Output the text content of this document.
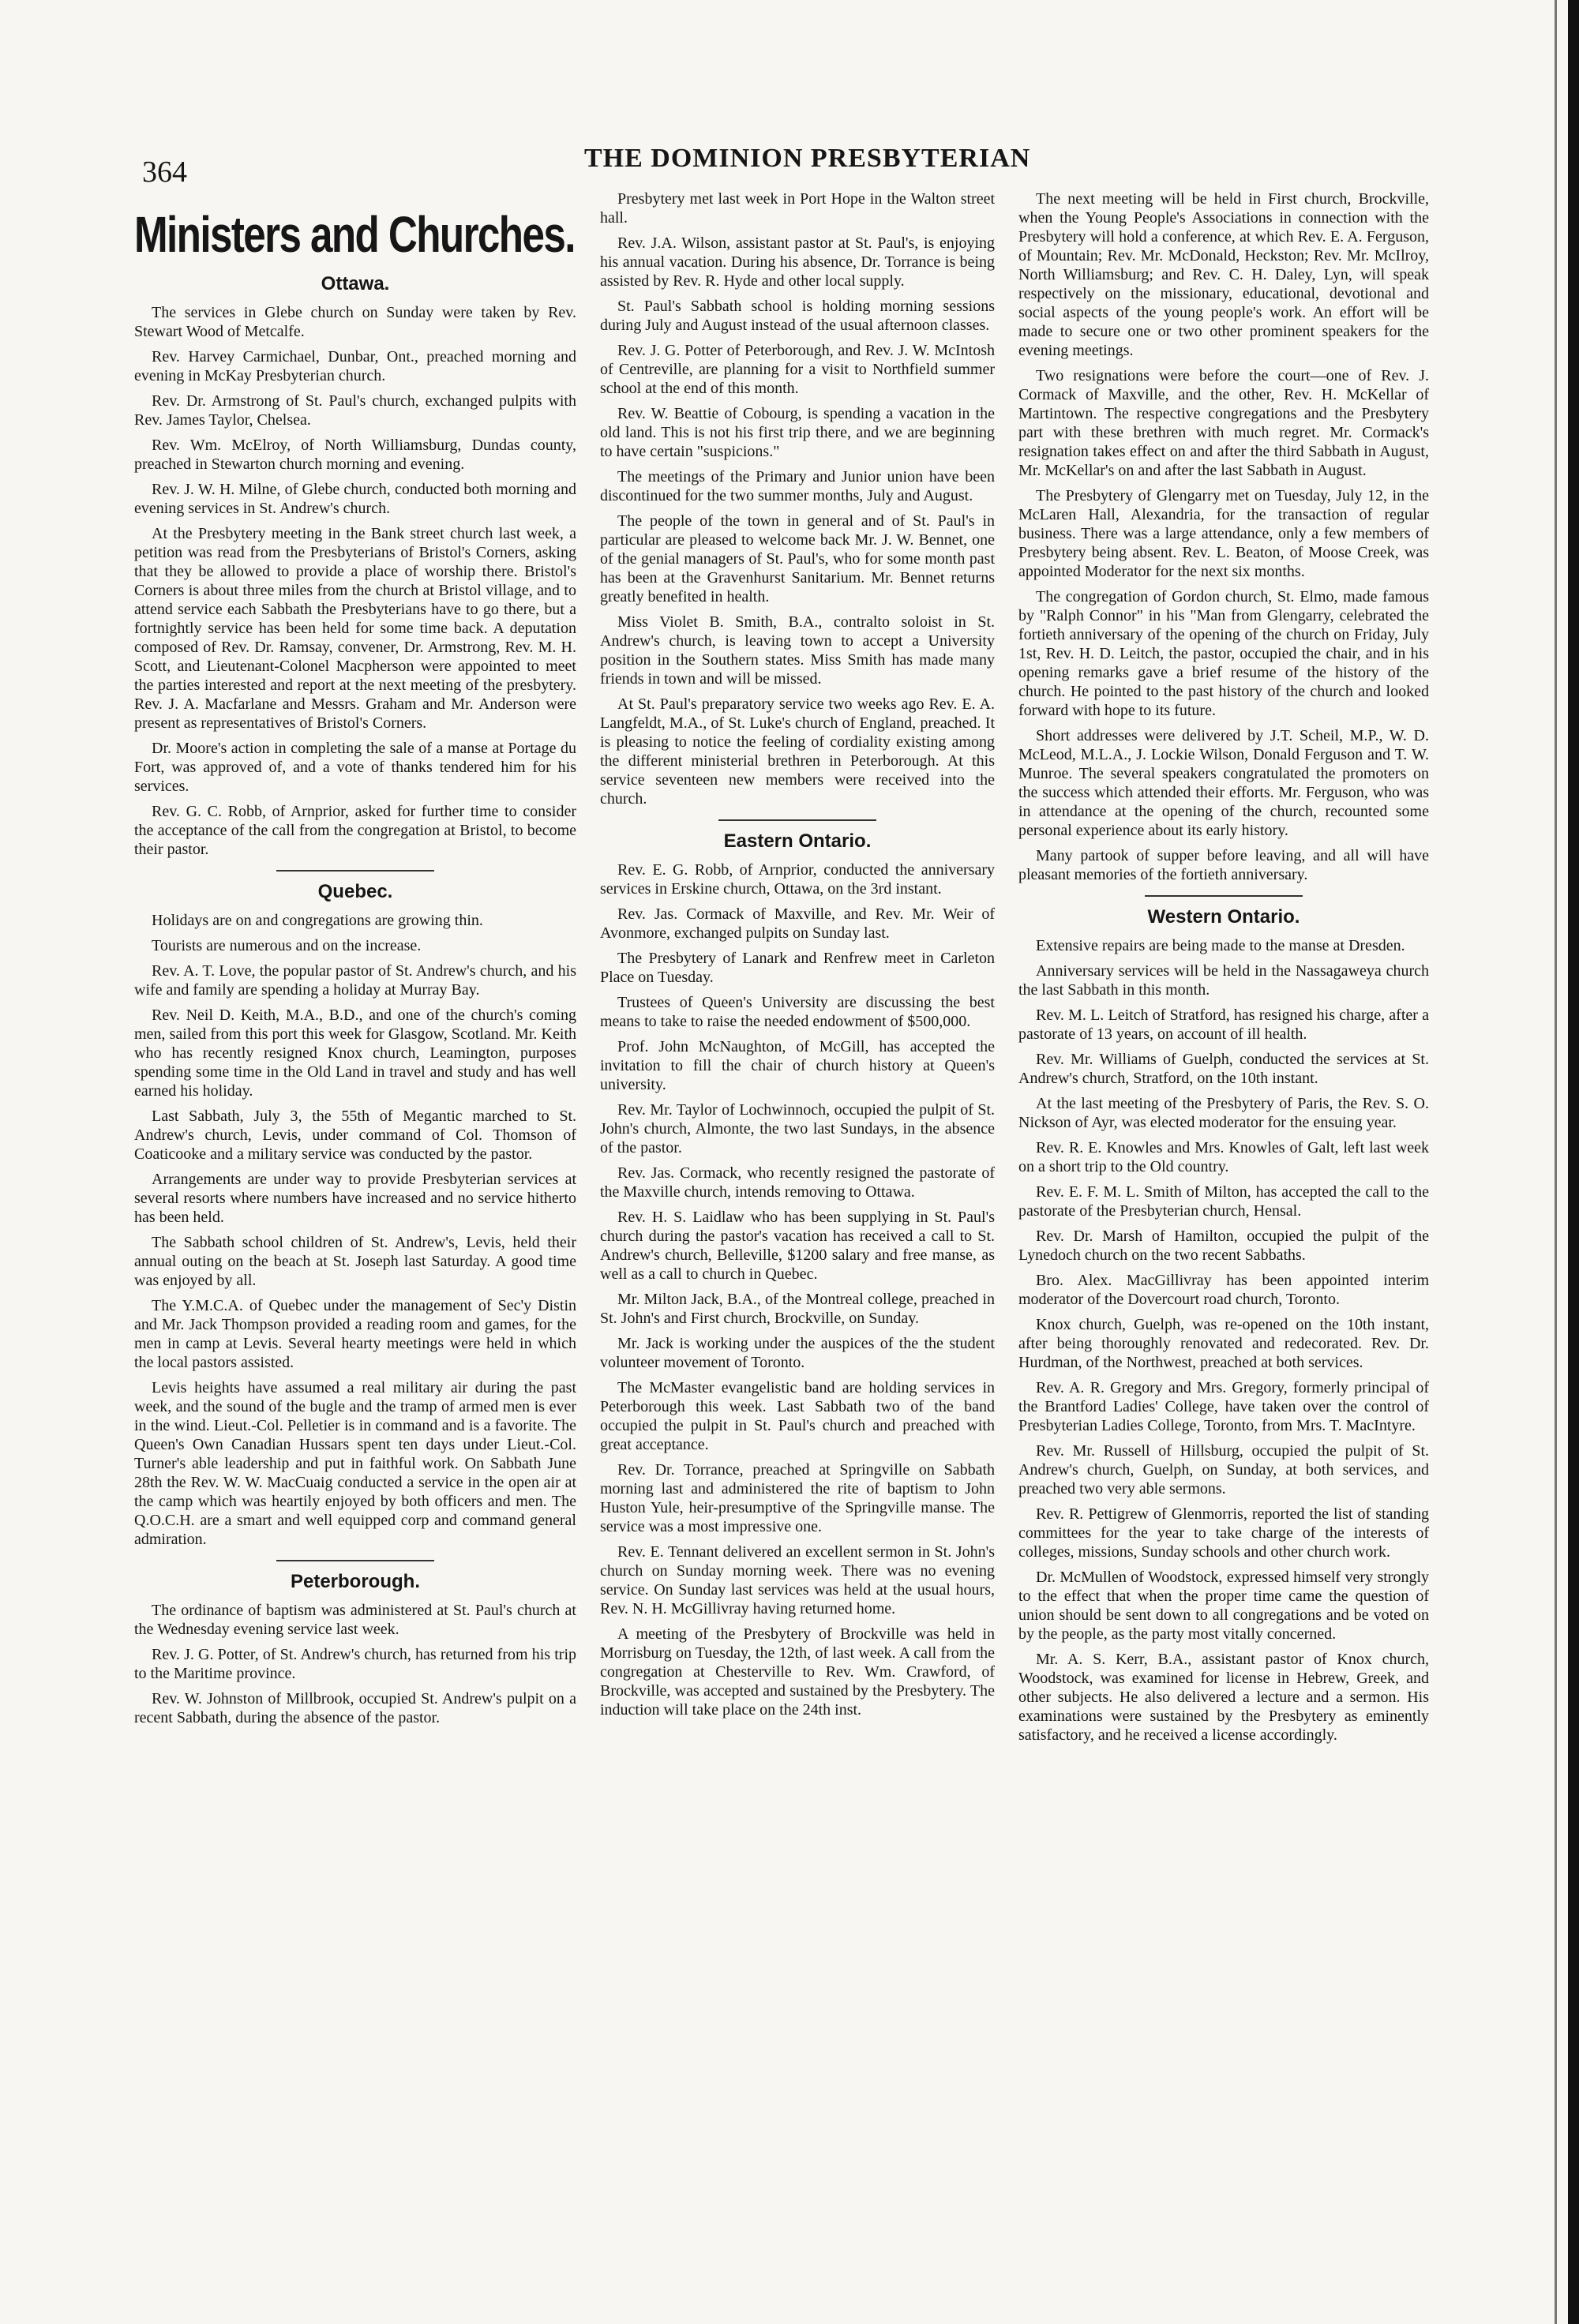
364	THE DOMINION PRESBYTERIAN
Ministers and Churches.
Ottawa.

The services in Glebe church on Sunday were taken by Rev. Stewart Wood of Metcalfe.

Rev. Harvey Carmichael, Dunbar, Ont., preached morning and evening in McKay Presbyterian church.

Rev. Dr. Armstrong of St. Paul's church, exchanged pulpits with Rev. James Taylor, Chelsea.

Rev. Wm. McElroy, of North Williamsburg, Dundas county, preached in Stewarton church morning and evening.

Rev. J. W. H. Milne, of Glebe church, conducted both morning and evening services in St. Andrew's church.

At the Presbytery meeting in the Bank street church last week, a petition was read from the Presbyterians of Bristol's Corners, asking that they be allowed to provide a place of worship there. Bristol's Corners is about three miles from the church at Bristol village, and to attend service each Sabbath the Presbyterians have to go there, but a fortnightly service has been held for some time back. A deputation composed of Rev. Dr. Ramsay, convener, Dr. Armstrong, Rev. M. H. Scott, and Lieutenant-Colonel Macpherson were appointed to meet the parties interested and report at the next meeting of the presbytery. Rev. J. A. Macfarlane and Messrs. Graham and Mr. Anderson were present as representatives of Bristol's Corners.

Dr. Moore's action in completing the sale of a manse at Portage du Fort, was approved of, and a vote of thanks tendered him for his services.

Rev. G. C. Robb, of Arnprior, asked for further time to consider the acceptance of the call from the congregation at Bristol, to become their pastor.

Quebec.

Holidays are on and congregations are growing thin.

Tourists are numerous and on the increase.

Rev. A. T. Love, the popular pastor of St. Andrew's church, and his wife and family are spending a holiday at Murray Bay.

Rev. Neil D. Keith, M.A., B.D., and one of the church's coming men, sailed from this port this week for Glasgow, Scotland. Mr. Keith who has recently resigned Knox church, Leamington, purposes spending some time in the Old Land in travel and study and has well earned his holiday.

Last Sabbath, July 3, the 55th of Megantic marched to St. Andrew's church, Levis, under command of Col. Thomson of Coaticooke and a military service was conducted by the pastor.

Arrangements are under way to provide Presbyterian services at several resorts where numbers have increased and no service hitherto has been held.

The Sabbath school children of St. Andrew's, Levis, held their annual outing on the beach at St. Joseph last Saturday. A good time was enjoyed by all.

The Y.M.C.A. of Quebec under the management of Sec'y Distin and Mr. Jack Thompson provided a reading room and games, for the men in camp at Levis. Several hearty meetings were held in which the local pastors assisted.

Levis heights have assumed a real military air during the past week, and the sound of the bugle and the tramp of armed men is ever in the wind. Lieut.-Col. Pelletier is in command and is a favorite. The Queen's Own Canadian Hussars spent ten days under Lieut.-Col. Turner's able leadership and put in faithful work. On Sabbath June 28th the Rev. W. W. MacCuaig conducted a service in the open air at the camp which was heartily enjoyed by both officers and men. The Q.O.C.H. are a smart and well equipped corp and command general admiration.

Peterborough.

The ordinance of baptism was administered at St. Paul's church at the Wednesday evening service last week.

Rev. J. G. Potter, of St. Andrew's church, has returned from his trip to the Maritime province.

Rev. W. Johnston of Millbrook, occupied St. Andrew's pulpit on a recent Sabbath, during the absence of the pastor.

Presbytery met last week in Port Hope in the Walton street hall.

Rev. J.A. Wilson, assistant pastor at St. Paul's, is enjoying his annual vacation. During his absence, Dr. Torrance is being assisted by Rev. R. Hyde and other local supply.

St. Paul's Sabbath school is holding morning sessions during July and August instead of the usual afternoon classes.

Rev. J. G. Potter of Peterborough, and Rev. J. W. McIntosh of Centreville, are planning for a visit to Northfield summer school at the end of this month.

Rev. W. Beattie of Cobourg, is spending a vacation in the old land. This is not his first trip there, and we are beginning to have certain "suspicions."

The meetings of the Primary and Junior union have been discontinued for the two summer months, July and August.

The people of the town in general and of St. Paul's in particular are pleased to welcome back Mr. J. W. Bennet, one of the genial managers of St. Paul's, who for some month past has been at the Gravenhurst Sanitarium. Mr. Bennet returns greatly benefited in health.

Miss Violet B. Smith, B.A., contralto soloist in St. Andrew's church, is leaving town to accept a University position in the Southern states. Miss Smith has made many friends in town and will be missed.

At St. Paul's preparatory service two weeks ago Rev. E. A. Langfeldt, M.A., of St. Luke's church of England, preached. It is pleasing to notice the feeling of cordiality existing among the different ministerial brethren in Peterborough. At this service seventeen new members were received into the church.

Eastern Ontario.

Rev. E. G. Robb, of Arnprior, conducted the anniversary services in Erskine church, Ottawa, on the 3rd instant.

Rev. Jas. Cormack of Maxville, and Rev. Mr. Weir of Avonmore, exchanged pulpits on Sunday last.

The Presbytery of Lanark and Renfrew meet in Carleton Place on Tuesday.

Trustees of Queen's University are discussing the best means to take to raise the needed endowment of $500,000.

Prof. John McNaughton, of McGill, has accepted the invitation to fill the chair of church history at Queen's university.

Rev. Mr. Taylor of Lochwinnoch, occupied the pulpit of St. John's church, Almonte, the two last Sundays, in the absence of the pastor.

Rev. Jas. Cormack, who recently resigned the pastorate of the Maxville church, intends removing to Ottawa.

Rev. H. S. Laidlaw who has been supplying in St. Paul's church during the pastor's vacation has received a call to St. Andrew's church, Belleville, $1200 salary and free manse, as well as a call to church in Quebec.

Mr. Milton Jack, B.A., of the Montreal college, preached in St. John's and First church, Brockville, on Sunday.

Mr. Jack is working under the auspices of the the student volunteer movement of Toronto.

The McMaster evangelistic band are holding services in Peterborough this week. Last Sabbath two of the band occupied the pulpit in St. Paul's church and preached with great acceptance.

Rev. Dr. Torrance, preached at Springville on Sabbath morning last and administered the rite of baptism to John Huston Yule, heir-presumptive of the Springville manse. The service was a most impressive one.

Rev. E. Tennant delivered an excellent sermon in St. John's church on Sunday morning week. There was no evening service. On Sunday last services was held at the usual hours, Rev. N. H. McGillivray having returned home.

A meeting of the Presbytery of Brockville was held in Morrisburg on Tuesday, the 12th, of last week. A call from the congregation at Chesterville to Rev. Wm. Crawford, of Brockville, was accepted and sustained by the Presbytery. The induction will take place on the 24th inst.

The next meeting will be held in First church, Brockville, when the Young People's Associations in connection with the Presbytery will hold a conference, at which Rev. E. A. Ferguson, of Mountain; Rev. Mr. McDonald, Heckston; Rev. Mr. McIlroy, North Williamsburg; and Rev. C. H. Daley, Lyn, will speak respectively on the missionary, educational, devotional and social aspects of the young people's work. An effort will be made to secure one or two other prominent speakers for the evening meetings.

Two resignations were before the court—one of Rev. J. Cormack of Maxville, and the other, Rev. H. McKellar of Martintown. The respective congregations and the Presbytery part with these brethren with much regret. Mr. Cormack's resignation takes effect on and after the third Sabbath in August, Mr. McKellar's on and after the last Sabbath in August.

The Presbytery of Glengarry met on Tuesday, July 12, in the McLaren Hall, Alexandria, for the transaction of regular business. There was a large attendance, only a few members of Presbytery being absent. Rev. L. Beaton, of Moose Creek, was appointed Moderator for the next six months.

The congregation of Gordon church, St. Elmo, made famous by "Ralph Connor" in his "Man from Glengarry, celebrated the fortieth anniversary of the opening of the church on Friday, July 1st, Rev. H. D. Leitch, the pastor, occupied the chair, and in his opening remarks gave a brief resume of the history of the church. He pointed to the past history of the church and looked forward with hope to its future.

Short addresses were delivered by J.T. Scheil, M.P., W. D. McLeod, M.L.A., J. Lockie Wilson, Donald Ferguson and T. W. Munroe. The several speakers congratulated the promoters on the success which attended their efforts. Mr. Ferguson, who was in attendance at the opening of the church, recounted some personal experience about its early history.

Many partook of supper before leaving, and all will have pleasant memories of the fortieth anniversary.

Western Ontario.

Extensive repairs are being made to the manse at Dresden.

Anniversary services will be held in the Nassagaweya church the last Sabbath in this month.

Rev. M. L. Leitch of Stratford, has resigned his charge, after a pastorate of 13 years, on account of ill health.

Rev. Mr. Williams of Guelph, conducted the services at St. Andrew's church, Stratford, on the 10th instant.

At the last meeting of the Presbytery of Paris, the Rev. S. O. Nickson of Ayr, was elected moderator for the ensuing year.

Rev. R. E. Knowles and Mrs. Knowles of Galt, left last week on a short trip to the Old country.

Rev. E. F. M. L. Smith of Milton, has accepted the call to the pastorate of the Presbyterian church, Hensal.

Rev. Dr. Marsh of Hamilton, occupied the pulpit of the Lynedoch church on the two recent Sabbaths.

Bro. Alex. MacGillivray has been appointed interim moderator of the Dovercourt road church, Toronto.

Knox church, Guelph, was re-opened on the 10th instant, after being thoroughly renovated and redecorated. Rev. Dr. Hurdman, of the Northwest, preached at both services.

Rev. A. R. Gregory and Mrs. Gregory, formerly principal of the Brantford Ladies' College, have taken over the control of Presbyterian Ladies College, Toronto, from Mrs. T. MacIntyre.

Rev. Mr. Russell of Hillsburg, occupied the pulpit of St. Andrew's church, Guelph, on Sunday, at both services, and preached two very able sermons.

Rev. R. Pettigrew of Glenmorris, reported the list of standing committees for the year to take charge of the interests of colleges, missions, Sunday schools and other church work.

Dr. McMullen of Woodstock, expressed himself very strongly to the effect that when the proper time came the question of union should be sent down to all congregations and be voted on by the people, as the party most vitally concerned.

Mr. A. S. Kerr, B.A., assistant pastor of Knox church, Woodstock, was examined for license in Hebrew, Greek, and other subjects. He also delivered a lecture and a sermon. His examinations were sustained by the Presbytery as eminently satisfactory, and he received a license accordingly.
